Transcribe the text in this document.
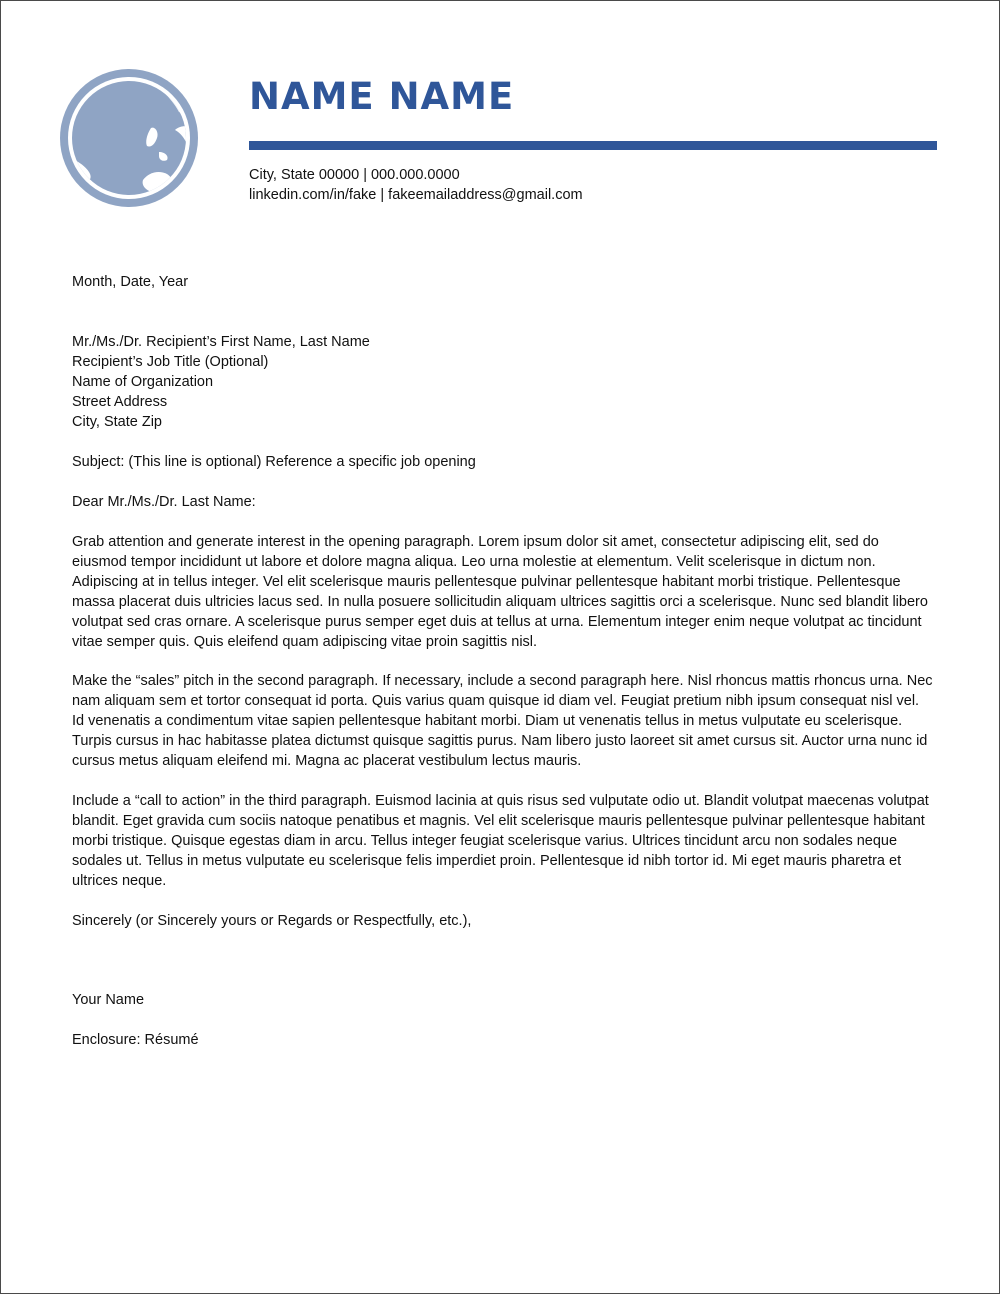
NAME NAME
City, State 00000 | 000.000.0000
linkedin.com/in/fake | fakeemailaddress@gmail.com
Month, Date, Year
Mr./Ms./Dr. Recipient’s First Name, Last Name
Recipient’s Job Title (Optional)
Name of Organization
Street Address
City, State Zip
Subject: (This line is optional) Reference a specific job opening
Dear Mr./Ms./Dr. Last Name:
Grab attention and generate interest in the opening paragraph. Lorem ipsum dolor sit amet, consectetur adipiscing elit, sed do eiusmod tempor incididunt ut labore et dolore magna aliqua. Leo urna molestie at elementum. Velit scelerisque in dictum non. Adipiscing at in tellus integer. Vel elit scelerisque mauris pellentesque pulvinar pellentesque habitant morbi tristique. Pellentesque massa placerat duis ultricies lacus sed. In nulla posuere sollicitudin aliquam ultrices sagittis orci a scelerisque. Nunc sed blandit libero volutpat sed cras ornare. A scelerisque purus semper eget duis at tellus at urna. Elementum integer enim neque volutpat ac tincidunt vitae semper quis. Quis eleifend quam adipiscing vitae proin sagittis nisl.
Make the “sales” pitch in the second paragraph. If necessary, include a second paragraph here. Nisl rhoncus mattis rhoncus urna. Nec nam aliquam sem et tortor consequat id porta. Quis varius quam quisque id diam vel. Feugiat pretium nibh ipsum consequat nisl vel. Id venenatis a condimentum vitae sapien pellentesque habitant morbi. Diam ut venenatis tellus in metus vulputate eu scelerisque. Turpis cursus in hac habitasse platea dictumst quisque sagittis purus. Nam libero justo laoreet sit amet cursus sit. Auctor urna nunc id cursus metus aliquam eleifend mi. Magna ac placerat vestibulum lectus mauris.
Include a “call to action” in the third paragraph. Euismod lacinia at quis risus sed vulputate odio ut. Blandit volutpat maecenas volutpat blandit. Eget gravida cum sociis natoque penatibus et magnis. Vel elit scelerisque mauris pellentesque pulvinar pellentesque habitant morbi tristique. Quisque egestas diam in arcu. Tellus integer feugiat scelerisque varius. Ultrices tincidunt arcu non sodales neque sodales ut. Tellus in metus vulputate eu scelerisque felis imperdiet proin. Pellentesque id nibh tortor id. Mi eget mauris pharetra et ultrices neque.
Sincerely (or Sincerely yours or Regards or Respectfully, etc.),
Your Name
Enclosure: Résumé
